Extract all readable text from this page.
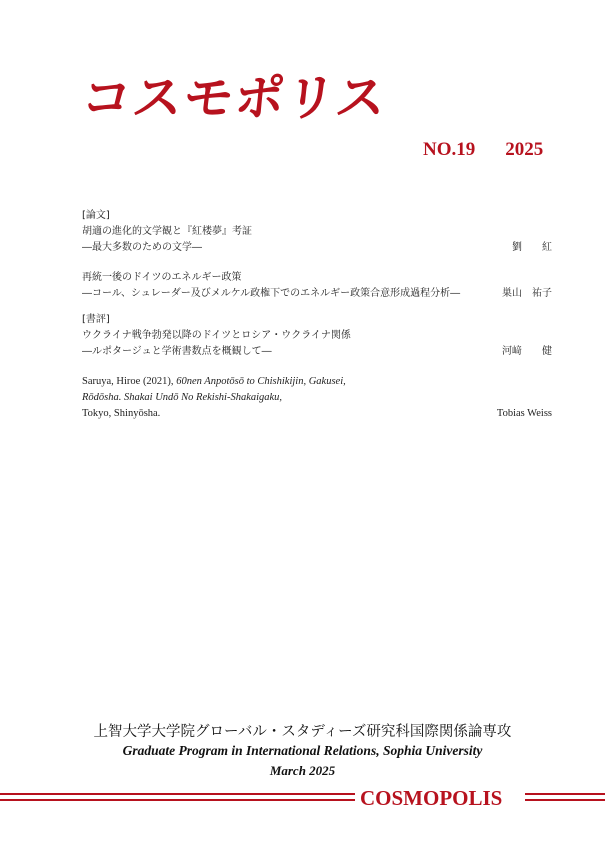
コスモポリス
NO.19 2025
[論文]
胡適の進化的文学観と『紅楼夢』考証
―最大多数のための文学―	劉　　紅
再統一後のドイツのエネルギー政策
―コール、シュレーダー及びメルケル政権下でのエネルギー政策合意形成過程分析―	巣山　祐子
[書評]
ウクライナ戦争勃発以降のドイツとロシア・ウクライナ関係
―ルポタージュと学術書数点を概観して―	河﨑　　健
Saruya, Hiroe (2021), 60nen Anpotōsō to Chishikijin, Gakusei,
Rōdōsha. Shakai Undō No Rekishi-Shakaigaku,
Tokyo, Shinyōsha.	Tobias Weiss
上智大学大学院グローバル・スタディーズ研究科国際関係論専攻
Graduate Program in International Relations, Sophia University
March 2025
COSMOPOLIS
